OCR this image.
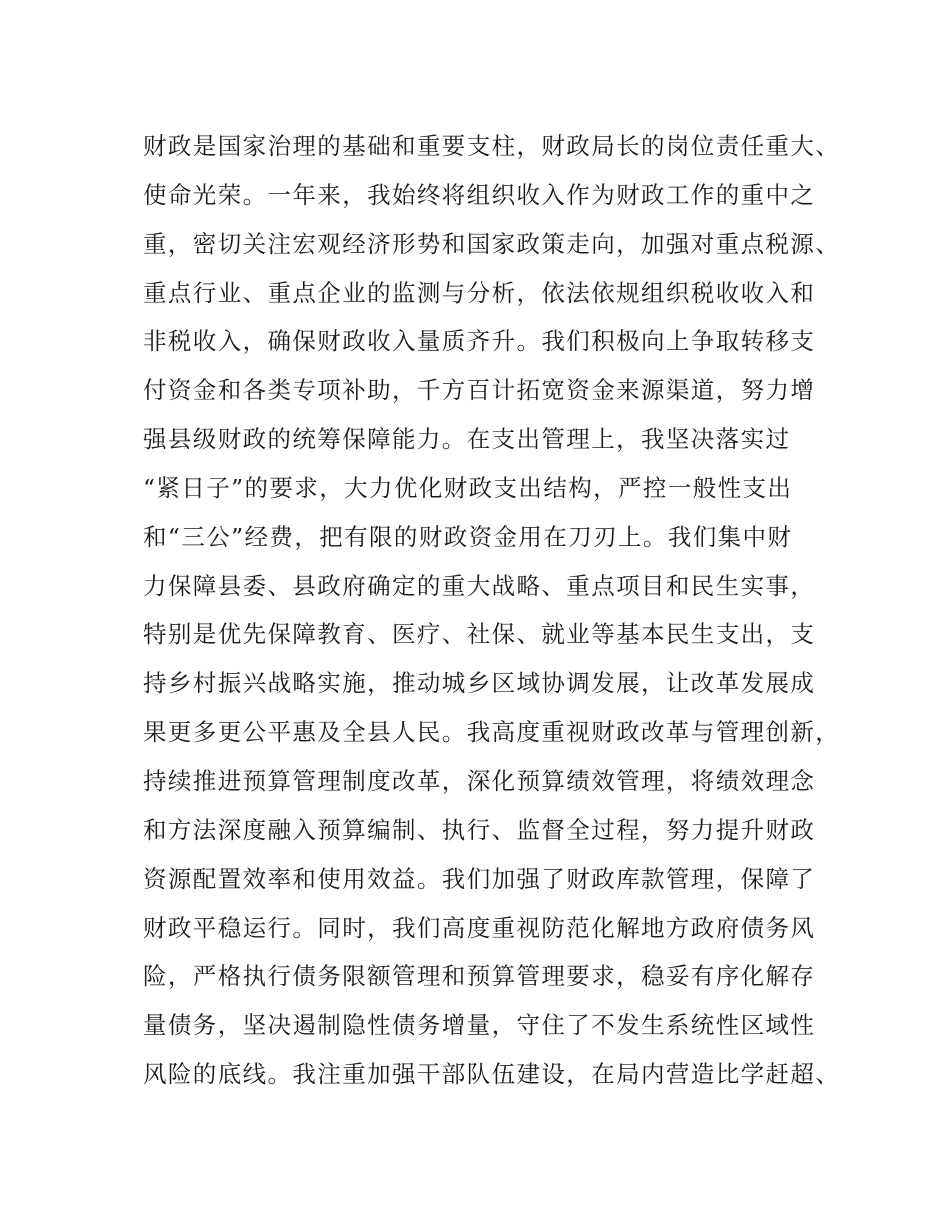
财政是国家治理的基础和重要支柱，财政局长的岗位责任重大、
使命光荣。一年来，我始终将组织收入作为财政工作的重中之
重，密切关注宏观经济形势和国家政策走向，加强对重点税源、
重点行业、重点企业的监测与分析，依法依规组织税收收入和
非税收入，确保财政收入量质齐升。我们积极向上争取转移支
付资金和各类专项补助，千方百计拓宽资金来源渠道，努力增
强县级财政的统筹保障能力。在支出管理上，我坚决落实过
“紧日子”的要求，大力优化财政支出结构，严控一般性支出
和“三公”经费，把有限的财政资金用在刀刃上。我们集中财
力保障县委、县政府确定的重大战略、重点项目和民生实事，
特别是优先保障教育、医疗、社保、就业等基本民生支出，支
持乡村振兴战略实施，推动城乡区域协调发展，让改革发展成
果更多更公平惠及全县人民。我高度重视财政改革与管理创新，
持续推进预算管理制度改革，深化预算绩效管理，将绩效理念
和方法深度融入预算编制、执行、监督全过程，努力提升财政
资源配置效率和使用效益。我们加强了财政库款管理，保障了
财政平稳运行。同时，我们高度重视防范化解地方政府债务风
险，严格执行债务限额管理和预算管理要求，稳妥有序化解存
量债务，坚决遏制隐性债务增量，守住了不发生系统性区域性
风险的底线。我注重加强干部队伍建设，在局内营造比学赶超、
